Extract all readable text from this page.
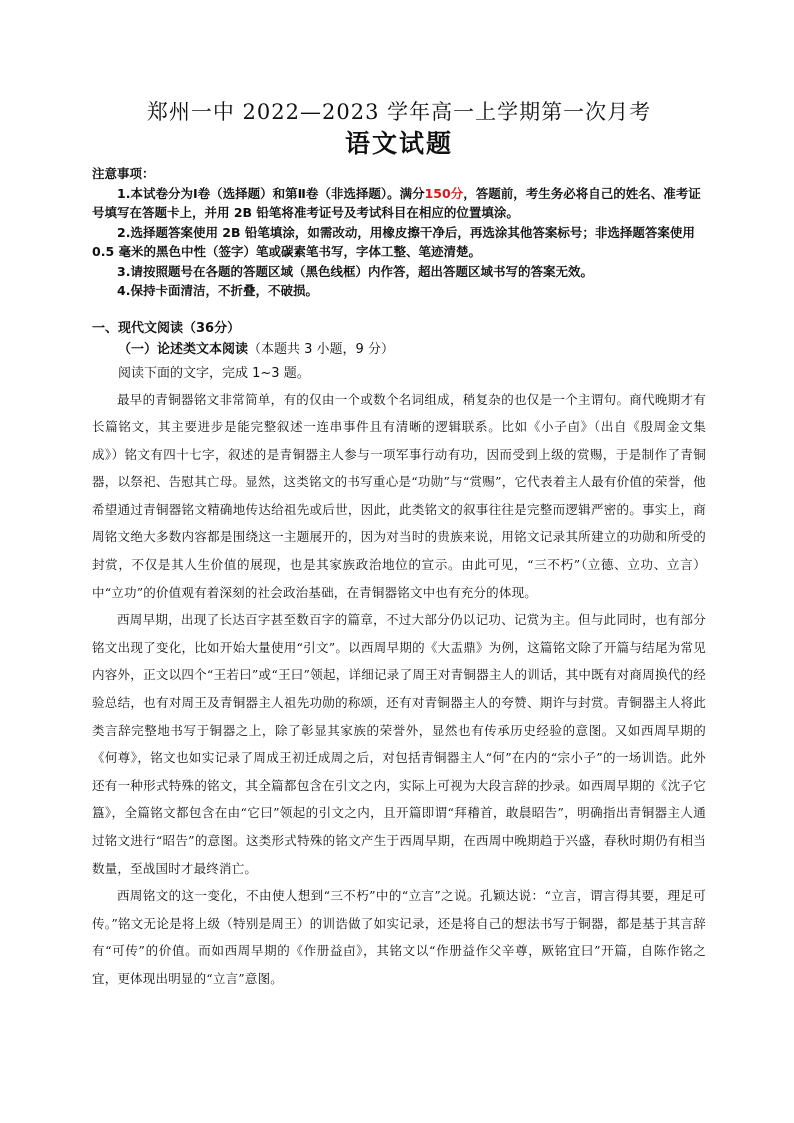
郑州一中 2022—2023 学年高一上学期第一次月考
语文试题

注意事项：

1.本试卷分为Ⅰ卷（选择题）和第Ⅱ卷（非选择题）。满分150分，答题前，考生务必将自己的姓名、准考证号填写在答题卡上，并用 2B 铅笔将准考证号及考试科目在相应的位置填涂。

2.选择题答案使用 2B 铅笔填涂，如需改动，用橡皮擦干净后，再选涂其他答案标号；非选择题答案使用 0.5 毫米的黑色中性（签字）笔或碳素笔书写，字体工整、笔迹清楚。

3.请按照题号在各题的答题区域（黑色线框）内作答，超出答题区域书写的答案无效。

4.保持卡面清洁，不折叠，不破损。

一、现代文阅读（36分）
（一）论述类文本阅读（本题共 3 小题，9 分）

阅读下面的文字，完成 1~3 题。

最早的青铜器铭文非常简单，有的仅由一个或数个名词组成，稍复杂的也仅是一个主谓句。商代晚期才有长篇铭文，其主要进步是能完整叙述一连串事件且有清晰的逻辑联系。比如《小子卣》（出自《殷周金文集成》）铭文有四十七字，叙述的是青铜器主人参与一项军事行动有功，因而受到上级的赏赐，于是制作了青铜器，以祭祀、告慰其亡母。显然，这类铭文的书写重心是“功勋”与“赏赐”，它代表着主人最有价值的荣誉，他希望通过青铜器铭文精确地传达给祖先或后世，因此，此类铭文的叙事往往是完整而逻辑严密的。事实上，商周铭文绝大多数内容都是围绕这一主题展开的，因为对当时的贵族来说，用铭文记录其所建立的功勋和所受的封赏，不仅是其人生价值的展现，也是其家族政治地位的宣示。由此可见，“三不朽”（立德、立功、立言）中“立功”的价值观有着深刻的社会政治基础，在青铜器铭文中也有充分的体现。

西周早期，出现了长达百字甚至数百字的篇章，不过大部分仍以记功、记赏为主。但与此同时，也有部分铭文出现了变化，比如开始大量使用“引文”。以西周早期的《大盂鼎》为例，这篇铭文除了开篇与结尾为常见内容外，正文以四个“王若曰”或“王曰”领起，详细记录了周王对青铜器主人的训话，其中既有对商周换代的经验总结，也有对周王及青铜器主人祖先功勋的称颂，还有对青铜器主人的夸赞、期许与封赏。青铜器主人将此类言辞完整地书写于铜器之上，除了彰显其家族的荣誉外，显然也有传承历史经验的意图。又如西周早期的《何尊》，铭文也如实记录了周成王初迁成周之后，对包括青铜器主人“何”在内的“宗小子”的一场训诰。此外还有一种形式特殊的铭文，其全篇都包含在引文之内，实际上可视为大段言辞的抄录。如西周早期的《沈子它簋》，全篇铭文都包含在由“它曰”领起的引文之内，且开篇即谓“拜稽首，敢䢅昭告”，明确指出青铜器主人通过铭文进行“昭告”的意图。这类形式特殊的铭文产生于西周早期，在西周中晚期趋于兴盛，春秋时期仍有相当数量，至战国时才最终消亡。

西周铭文的这一变化，不由使人想到“三不朽”中的“立言”之说。孔颖达说：“立言，谓言得其要，理足可传。”铭文无论是将上级（特别是周王）的训诰做了如实记录，还是将自己的想法书写于铜器，都是基于其言辞有“可传”的价值。而如西周早期的《作册益卣》，其铭文以“作册益作父辛尊，厥铭宜曰”开篇，自陈作铭之宜，更体现出明显的“立言”意图。
